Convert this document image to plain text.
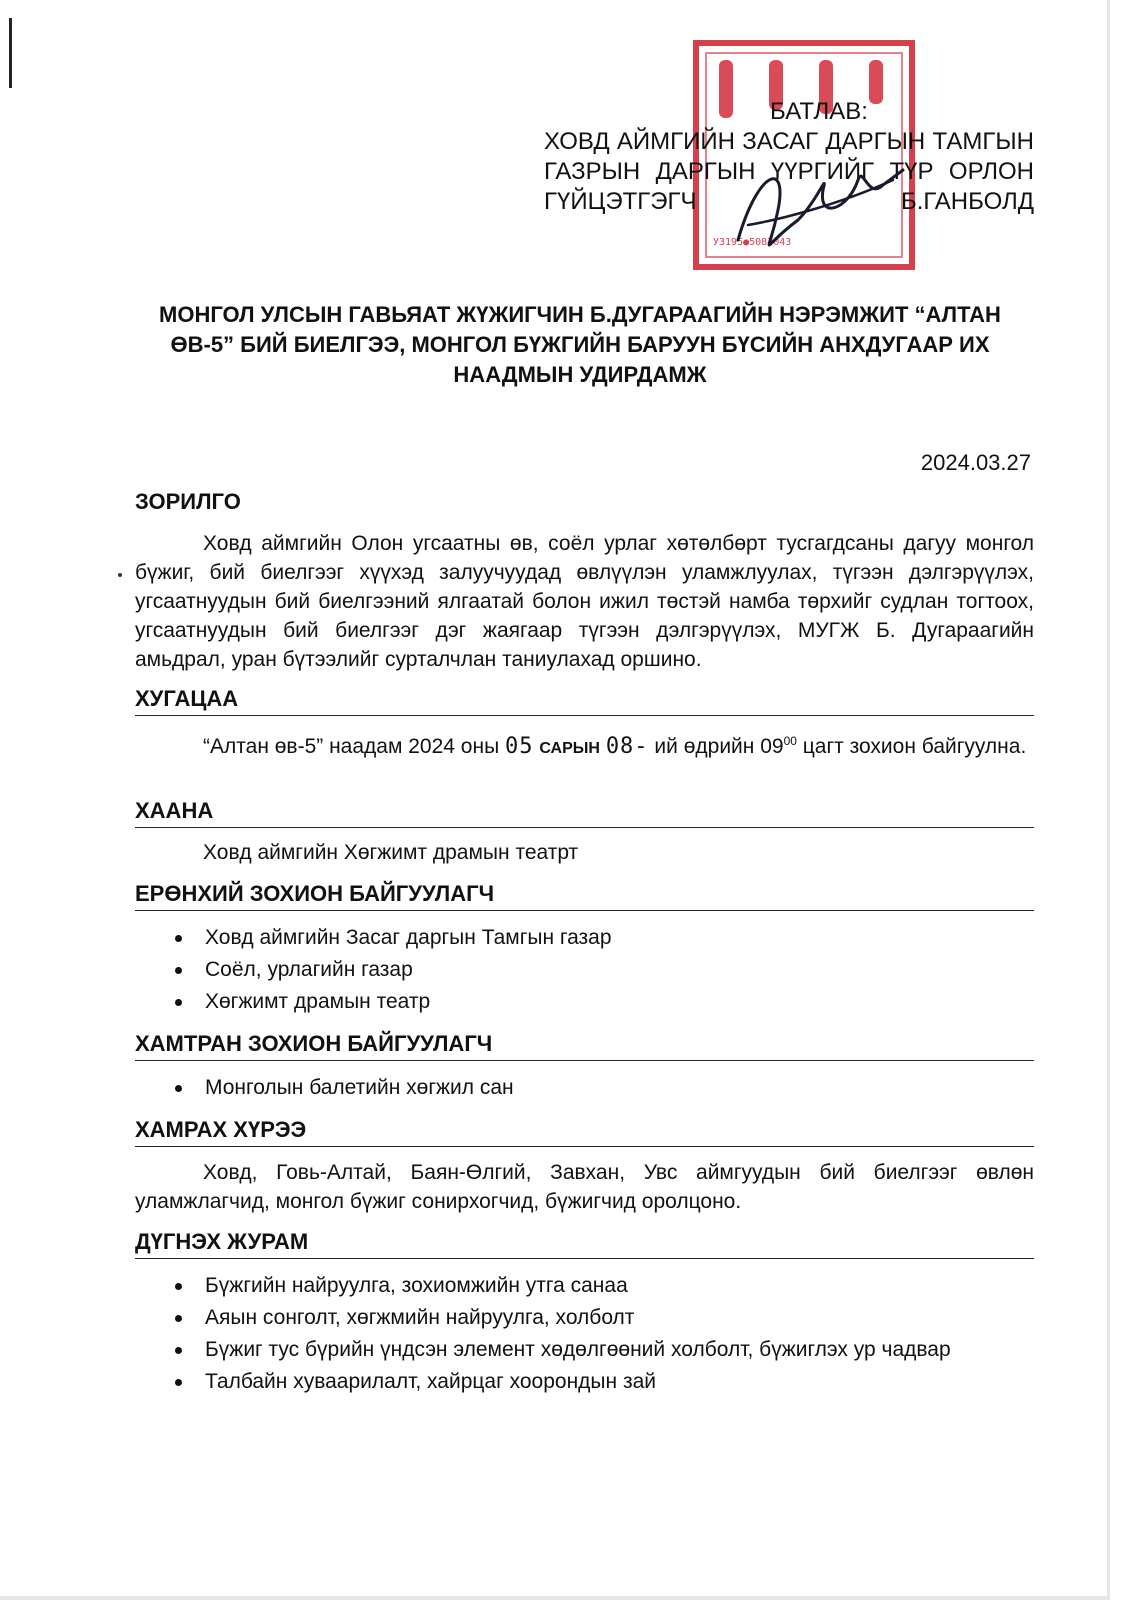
У3195●5087043
БАТЛАВ:
ХОВД АЙМГИЙН ЗАСАГ ДАРГЫН ТАМГЫН
ГАЗРЫН ДАРГЫН ҮҮРГИЙГ ТҮР ОРЛОН
ГҮЙЦЭТГЭГЧ	Б.ГАНБОЛД
МОНГОЛ УЛСЫН ГАВЬЯАТ ЖҮЖИГЧИН Б.ДУГАРААГИЙН НЭРЭМЖИТ “АЛТАН ӨВ-5” БИЙ БИЕЛГЭЭ, МОНГОЛ БҮЖГИЙН БАРУУН БҮСИЙН АНХДУГААР ИХ НААДМЫН УДИРДАМЖ
2024.03.27
ЗОРИЛГО
Ховд аймгийн Олон угсаатны өв, соёл урлаг хөтөлбөрт тусгагдсаны дагуу монгол бүжиг, бий биелгээг хүүхэд залуучуудад өвлүүлэн уламжлуулах, түгээн дэлгэрүүлэх, угсаатнуудын бий биелгээний ялгаатай болон ижил төстэй намба төрхийг судлан тогтоох, угсаатнуудын бий биелгээг дэг жаягаар түгээн дэлгэрүүлэх, МУГЖ Б. Дугараагийн амьдрал, уран бүтээлийг сурталчлан таниулахад оршино.
ХУГАЦАА
“Алтан өв-5” наадам 2024 оны 05 САРЫН 08- ий өдрийн $09^{00}$ цагт зохион байгуулна.
ХААНА
Ховд аймгийн Хөгжимт драмын театрт
ЕРӨНХИЙ ЗОХИОН БАЙГУУЛАГЧ
Ховд аймгийн Засаг даргын Тамгын газар
Соёл, урлагийн газар
Хөгжимт драмын театр
ХАМТРАН ЗОХИОН БАЙГУУЛАГЧ
Монголын балетийн хөгжил сан
ХАМРАХ ХҮРЭЭ
Ховд, Говь-Алтай, Баян-Өлгий, Завхан, Увс аймгуудын бий биелгээг өвлөн уламжлагчид, монгол бүжиг сонирхогчид, бүжигчид оролцоно.
ДҮГНЭХ ЖУРАМ
Бүжгийн найруулга, зохиомжийн утга санаа
Аяын сонголт, хөгжмийн найруулга, холболт
Бүжиг тус бүрийн үндсэн элемент хөдөлгөөний холболт, бүжиглэх ур чадвар
Талбайн хуваарилалт, хайрцаг хоорондын зай
